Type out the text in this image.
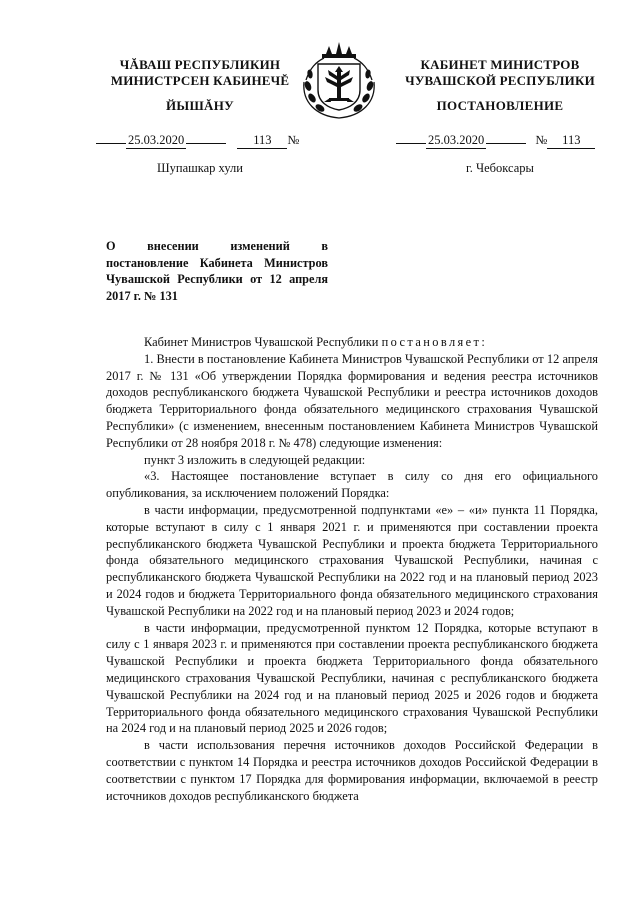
ЧĂВАШ РЕСПУБЛИКИН
МИНИСТРСЕН КАБИНЕЧĔ
ЙЫШĂНУ
КАБИНЕТ МИНИСТРОВ
ЧУВАШСКОЙ РЕСПУБЛИКИ
ПОСТАНОВЛЕНИЕ
25.03.2020	113 №	25.03.2020	№ 113
Шупашкар хули	г. Чебоксары
О внесении изменений в постановление Кабинета Министров Чувашской Республики от 12 апреля 2017 г. № 131

Кабинет Министров Чувашской Республики постановляет:

1. Внести в постановление Кабинета Министров Чувашской Республики от 12 апреля 2017 г. № 131 «Об утверждении Порядка формирования и ведения реестра источников доходов республиканского бюджета Чувашской Республики и реестра источников доходов бюджета Территориального фонда обязательного медицинского страхования Чувашской Республики» (с изменением, внесенным постановлением Кабинета Министров Чувашской Республики от 28 ноября 2018 г. № 478) следующие изменения:

пункт 3 изложить в следующей редакции:

«3. Настоящее постановление вступает в силу со дня его официального опубликования, за исключением положений Порядка:

в части информации, предусмотренной подпунктами «е» – «и» пункта 11 Порядка, которые вступают в силу с 1 января 2021 г. и применяются при составлении проекта республиканского бюджета Чувашской Республики и проекта бюджета Территориального фонда обязательного медицинского страхования Чувашской Республики, начиная с республиканского бюджета Чувашской Республики на 2022 год и на плановый период 2023 и 2024 годов и бюджета Территориального фонда обязательного медицинского страхования Чувашской Республики на 2022 год и на плановый период 2023 и 2024 годов;

в части информации, предусмотренной пунктом 12 Порядка, которые вступают в силу с 1 января 2023 г. и применяются при составлении проекта республиканского бюджета Чувашской Республики и проекта бюджета Территориального фонда обязательного медицинского страхования Чувашской Республики, начиная с республиканского бюджета Чувашской Республики на 2024 год и на плановый период 2025 и 2026 годов и бюджета Территориального фонда обязательного медицинского страхования Чувашской Республики на 2024 год и на плановый период 2025 и 2026 годов;

в части использования перечня источников доходов Российской Федерации в соответствии с пунктом 14 Порядка и реестра источников доходов Российской Федерации в соответствии с пунктом 17 Порядка для формирования информации, включаемой в реестр источников доходов республиканского бюджета
